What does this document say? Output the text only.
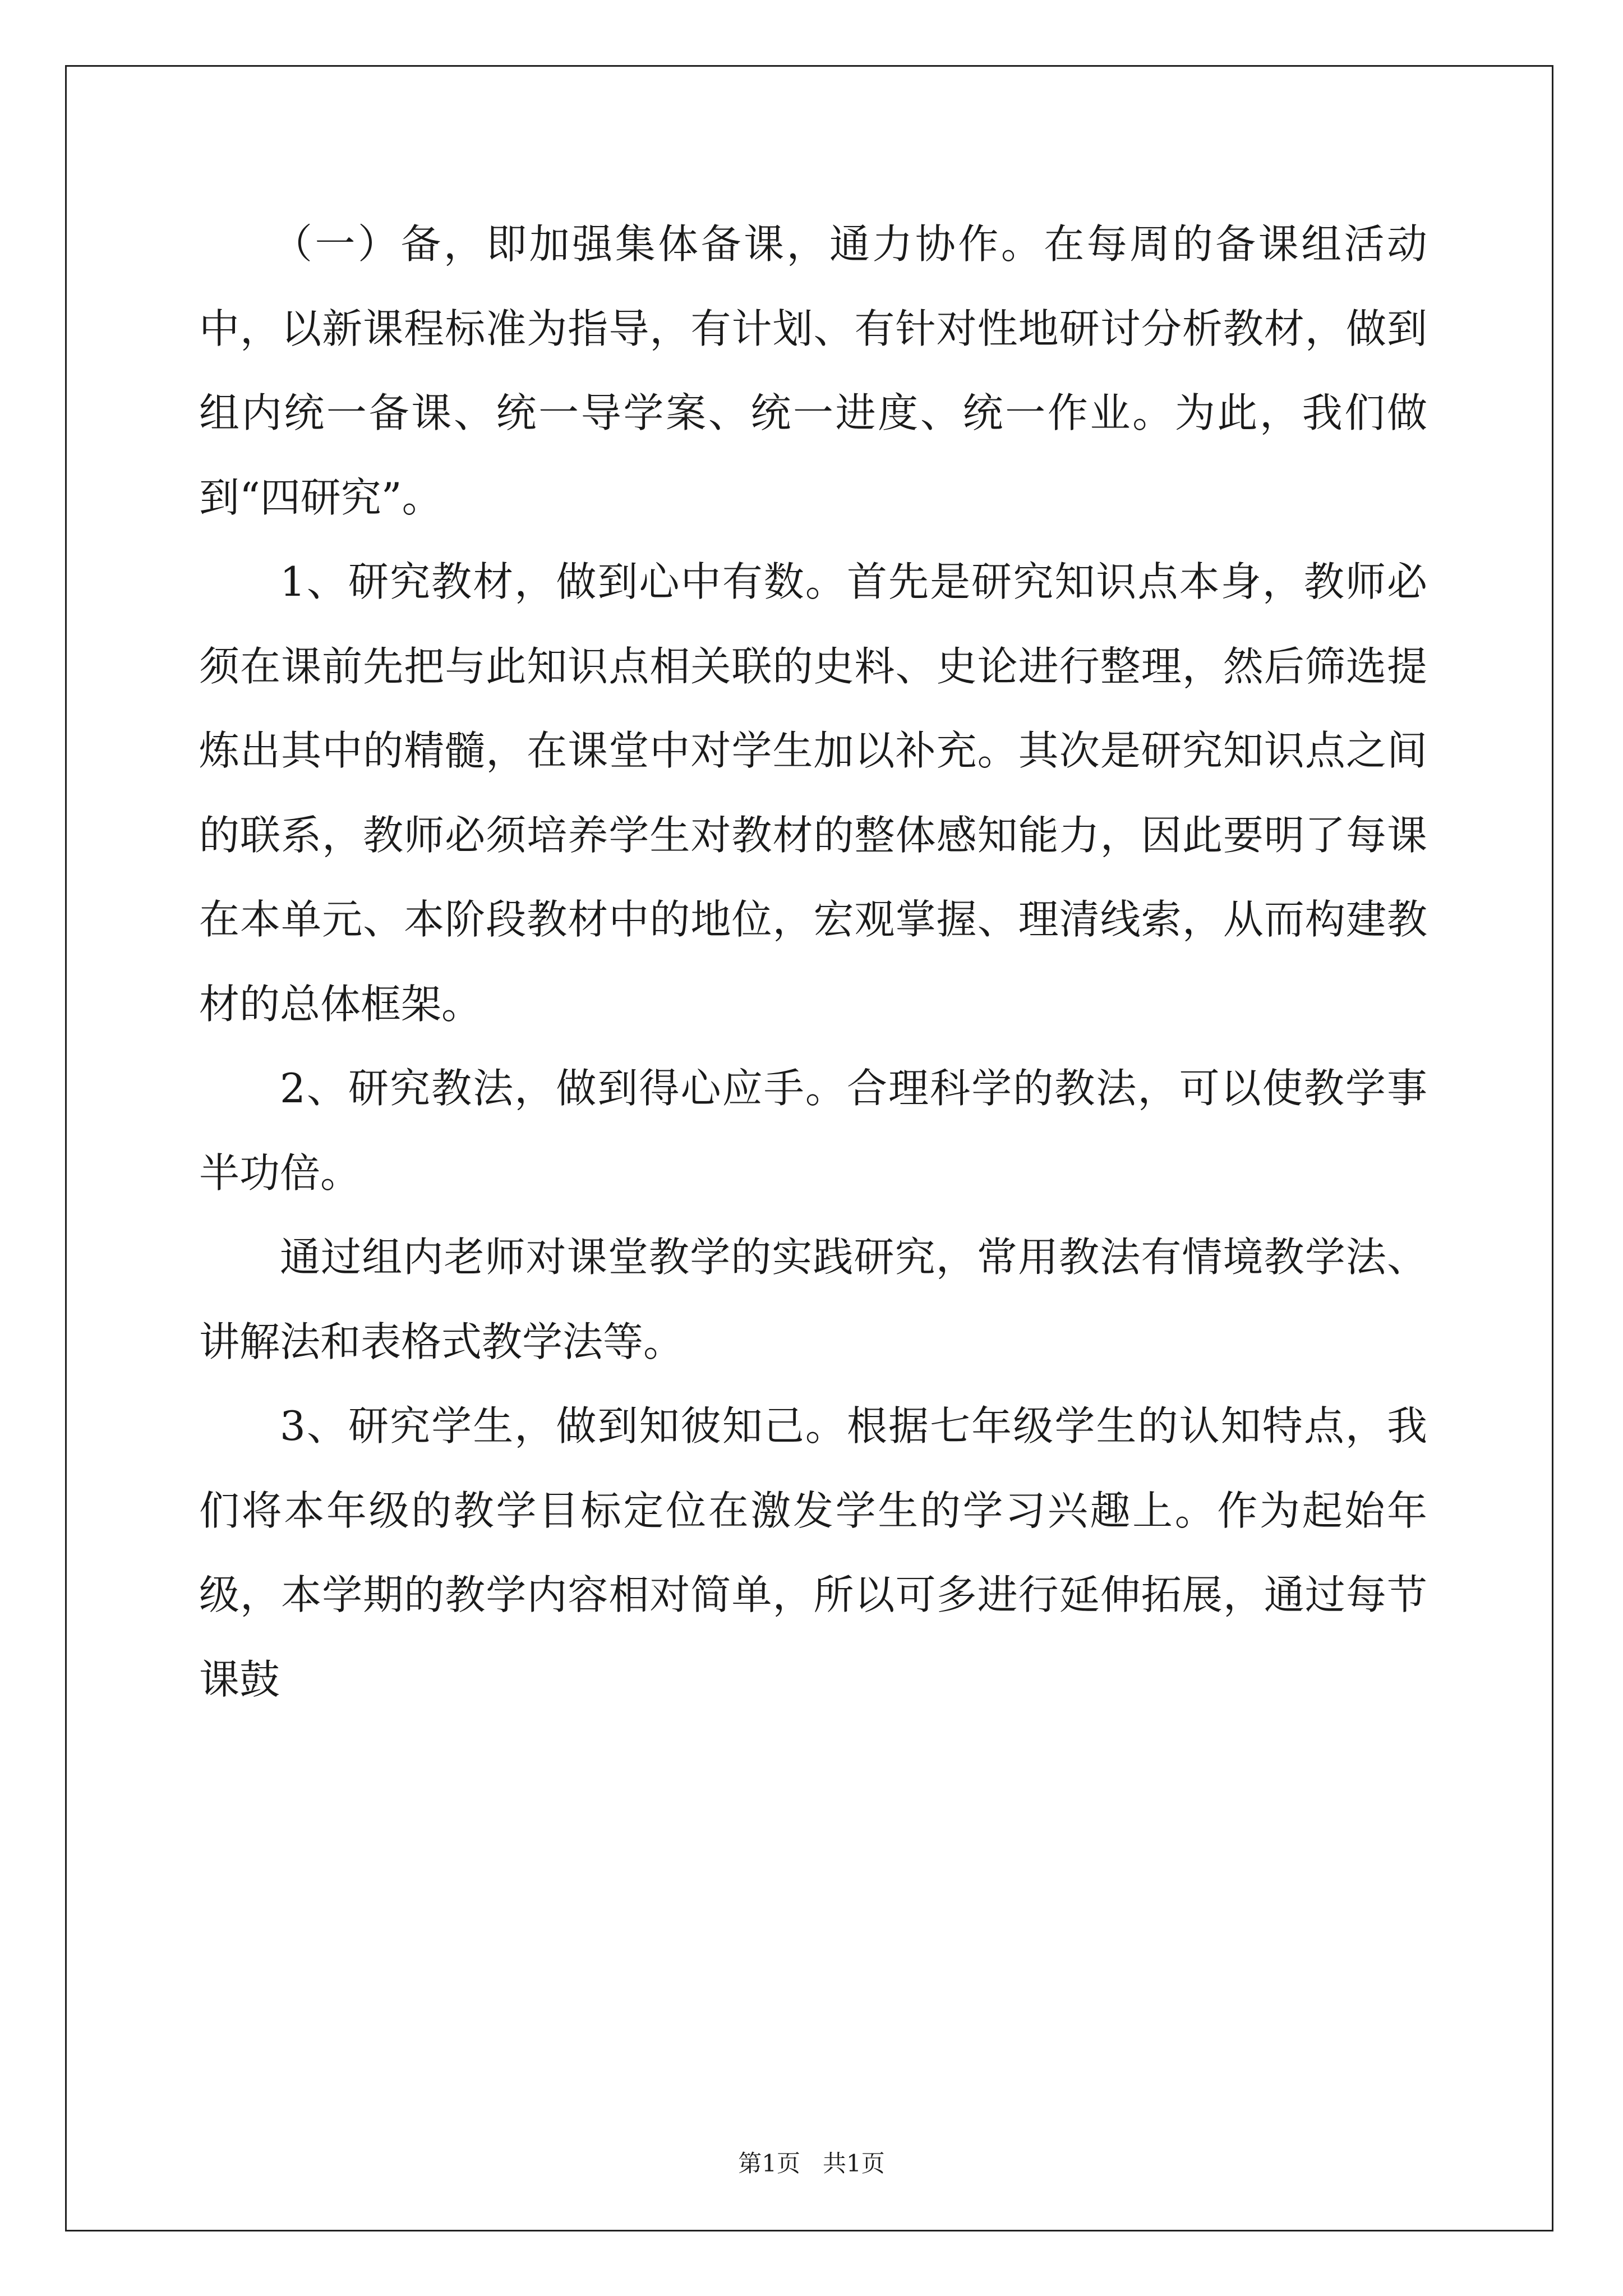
（一）备，即加强集体备课，通力协作。在每周的备课组活动中，以新课程标准为指导，有计划、有针对性地研讨分析教材，做到组内统一备课、统一导学案、统一进度、统一作业。为此，我们做到“四研究”。

1、研究教材，做到心中有数。首先是研究知识点本身，教师必须在课前先把与此知识点相关联的史料、史论进行整理，然后筛选提炼出其中的精髓，在课堂中对学生加以补充。其次是研究知识点之间的联系，教师必须培养学生对教材的整体感知能力，因此要明了每课在本单元、本阶段教材中的地位，宏观掌握、理清线索，从而构建教材的总体框架。

2、研究教法，做到得心应手。合理科学的教法，可以使教学事半功倍。

通过组内老师对课堂教学的实践研究，常用教法有情境教学法、讲解法和表格式教学法等。

3、研究学生，做到知彼知己。根据七年级学生的认知特点，我们将本年级的教学目标定位在激发学生的学习兴趣上。作为起始年级，本学期的教学内容相对简单，所以可多进行延伸拓展，通过每节课鼓

第1页 共1页
